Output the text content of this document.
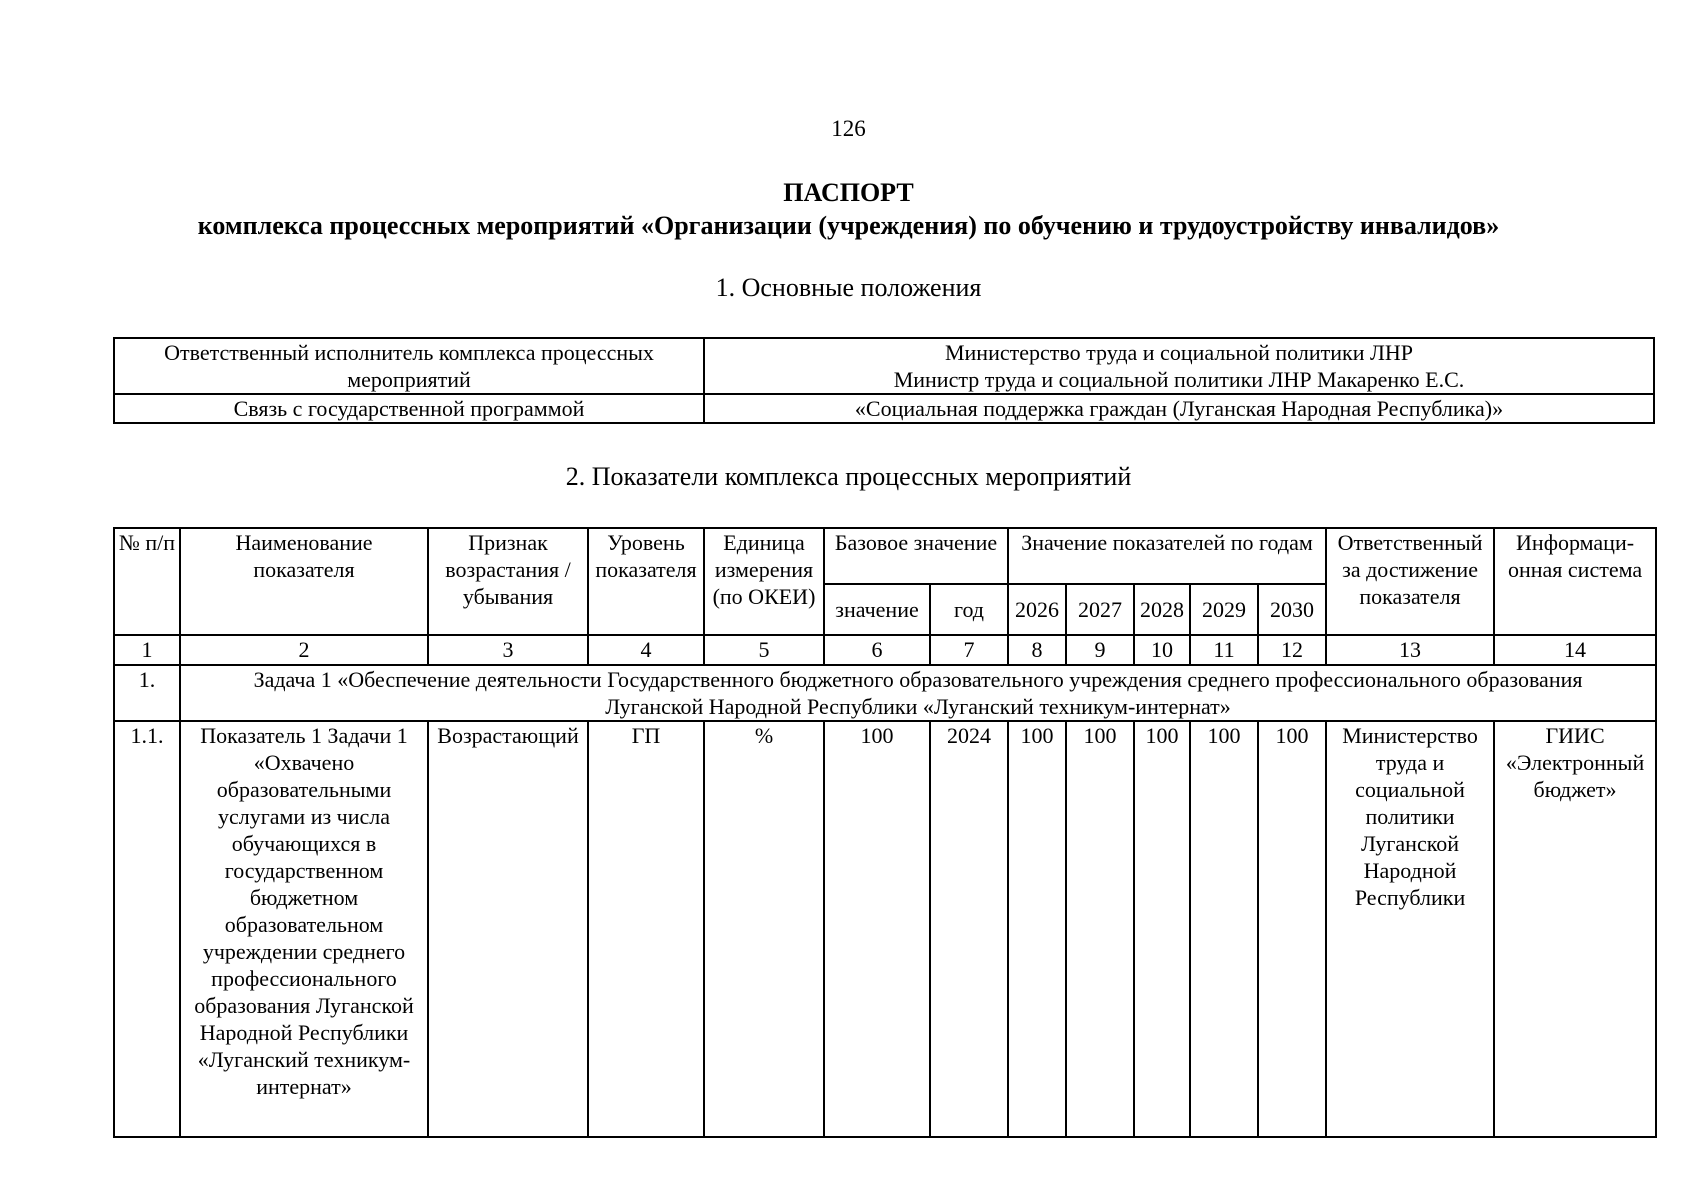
126
ПАСПОРТ
комплекса процессных мероприятий «Организации (учреждения) по обучению и трудоустройству инвалидов»
1. Основные положения
Ответственный исполнитель комплекса процессных мероприятий	Министерство труда и социальной политики ЛНР
Министр труда и социальной политики ЛНР Макаренко Е.С.

Связь с государственной программой	«Социальная поддержка граждан (Луганская Народная Республика)»
2. Показатели комплекса процессных мероприятий
№ п/п	Наименование показателя	Признак возрастания / убывания	Уровень показателя	Единица измерения (по ОКЕИ)	Базовое значение		Значение показателей по годам					Ответственный за достижение показателя	Информаци-онная система
					значение	год	2026	2027	2028	2029	2030		
1	2	3	4	5	6	7	8	9	10	11	12	13	14
1.	Задача 1 «Обеспечение деятельности Государственного бюджетного образовательного учреждения среднего профессионального образования Луганской Народной Республики «Луганский техникум-интернат»												
1.1.	Показатель 1 Задачи 1 «Охвачено образовательными услугами из числа обучающихся в государственном бюджетном образовательном учреждении среднего профессионального образования Луганской Народной Республики «Луганский техникум-интернат»	Возрастающий	ГП	%	100	2024	100	100	100	100	100	Министерство труда и социальной политики Луганской Народной Республики	ГИИС «Электронный бюджет»
